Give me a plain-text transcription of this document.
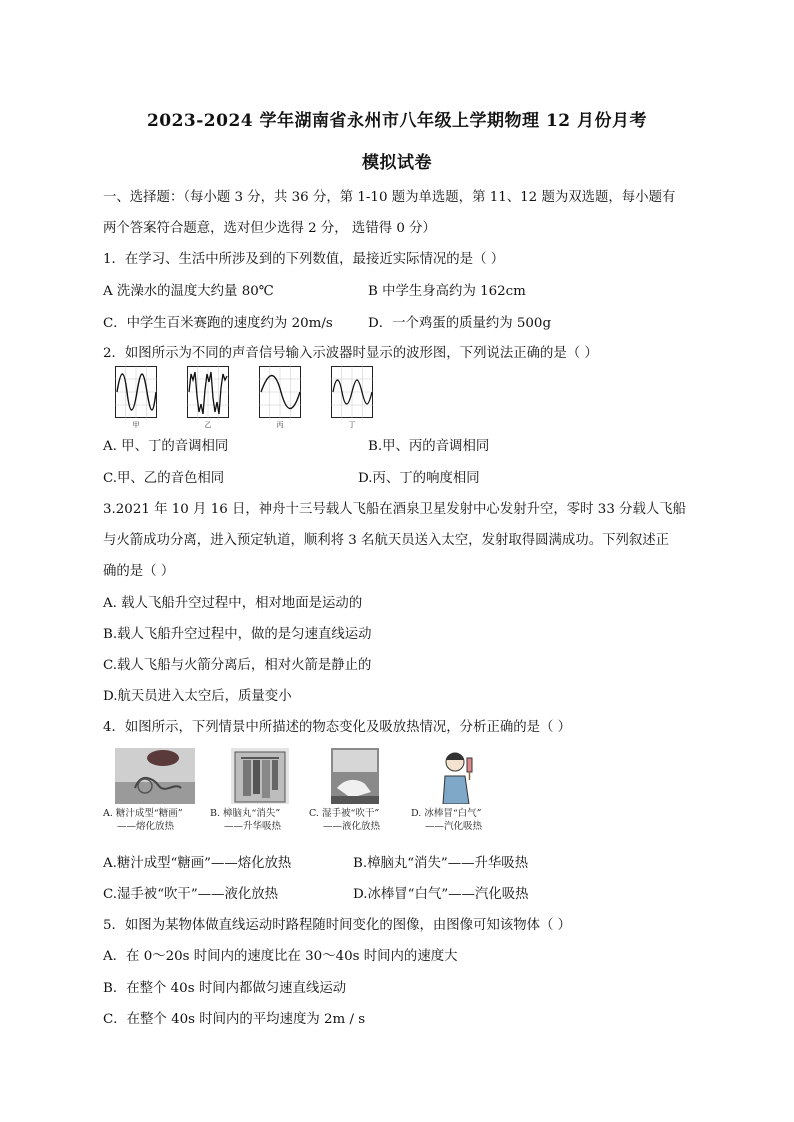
2023-2024 学年湖南省永州市八年级上学期物理 12 月份月考
模拟试卷
一、选择题：（每小题 3 分，共 36 分，第 1-10 题为单选题，第 11、12 题为双选题，每小题有
两个答案符合题意，选对但少选得 2 分， 选错得 0 分）
1．在学习、生活中所涉及到的下列数值，最接近实际情况的是（ ）
A 洗澡水的温度大约量 80℃	B 中学生身高约为 162cm
C．中学生百米赛跑的速度约为 20m/s	D．一个鸡蛋的质量约为 500g
2．如图所示为不同的声音信号输入示波器时显示的波形图，下列说法正确的是（ ）
甲	乙	丙	丁
A. 甲、丁的音调相同	B.甲、丙的音调相同
C.甲、乙的音色相同	D.丙、丁的响度相同
3.2021 年 10 月 16 日，神舟十三号载人飞船在酒泉卫星发射中心发射升空，零时 33 分载人飞船
与火箭成功分离，进入预定轨道，顺利将 3 名航天员送入太空，发射取得圆满成功。下列叙述正
确的是（ ）
A. 载人飞船升空过程中，相对地面是运动的
B.载人飞船升空过程中，做的是匀速直线运动
C.载人飞船与火箭分离后，相对火箭是静止的
D.航天员进入太空后，质量变小
4．如图所示，下列情景中所描述的物态变化及吸放热情况，分析正确的是（ ）
A. 糖汁成型“糖画”
——熔化放热
B. 樟脑丸“消失”
——升华吸热
C. 湿手被“吹干”
——液化放热
D. 冰棒冒“白气”
——汽化吸热
A.糖汁成型“糖画”——熔化放热	B.樟脑丸“消失”——升华吸热
C.湿手被“吹干”——液化放热	D.冰棒冒“白气”——汽化吸热
5．如图为某物体做直线运动时路程随时间变化的图像，由图像可知该物体（ ）
A．在 0～20s 时间内的速度比在 30～40s 时间内的速度大
B．在整个 40s 时间内都做匀速直线运动
C．在整个 40s 时间内的平均速度为 2m / s
